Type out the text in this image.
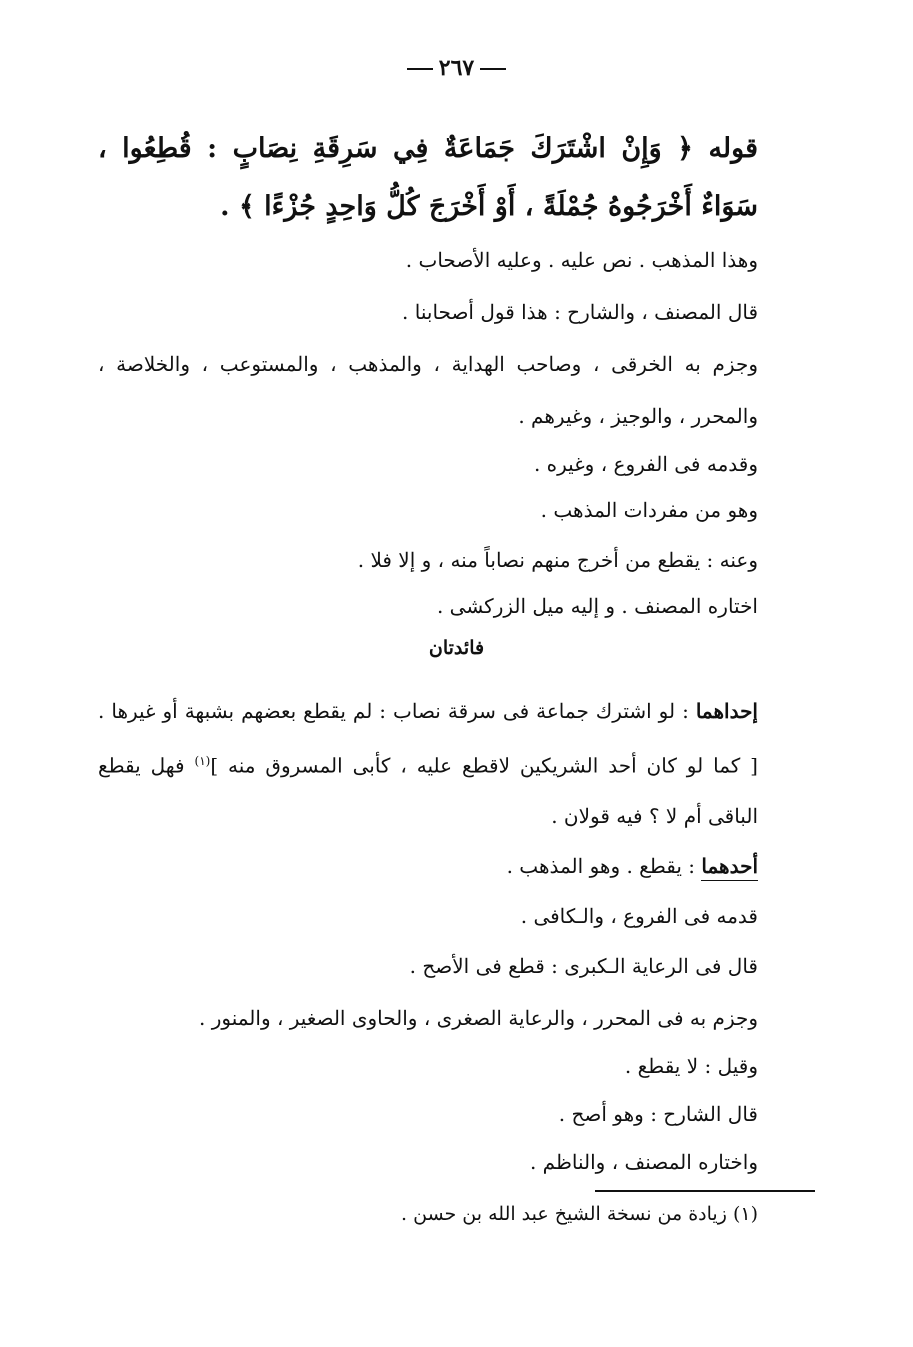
٢٦٧
قوله ﴿ وَإِنْ اشْتَرَكَ جَمَاعَةٌ فِي سَرِقَةِ نِصَابٍ : قُطِعُوا ، سَوَاءٌ أَخْرَجُوهُ جُمْلَةً ، أَوْ أَخْرَجَ كُلُّ وَاحِدٍ جُزْءًا ﴾ .
وهذا المذهب . نص عليه . وعليه الأصحاب .
قال المصنف ، والشارح : هذا قول أصحابنا .
وجزم به الخرقى ، وصاحب الهداية ، والمذهب ، والمستوعب ، والخلاصة ، والمحرر ، والوجيز ، وغيرهم .
وقدمه فى الفروع ، وغيره .
وهو من مفردات المذهب .
وعنه : يقطع من أخرج منهم نصاباً منه ، و إلا فلا .
اختاره المصنف . و إليه ميل الزركشى .
فائدتان
إحداهما : لو اشترك جماعة فى سرقة نصاب : لم يقطع بعضهم بشبهة أو غيرها . [ كما لو كان أحد الشريكين لاقطع عليه ، كأبى المسروق منه ]$^{(١)}$ فهل يقطع الباقى أم لا ؟ فيه قولان .
أحدهما : يقطع . وهو المذهب .
قدمه فى الفروع ، والـكافى .
قال فى الرعاية الـكبرى : قطع فى الأصح .
وجزم به فى المحرر ، والرعاية الصغرى ، والحاوى الصغير ، والمنور .
وقيل : لا يقطع .
قال الشارح : وهو أصح .
واختاره المصنف ، والناظم .
(١) زيادة من نسخة الشيخ عبد الله بن حسن .
